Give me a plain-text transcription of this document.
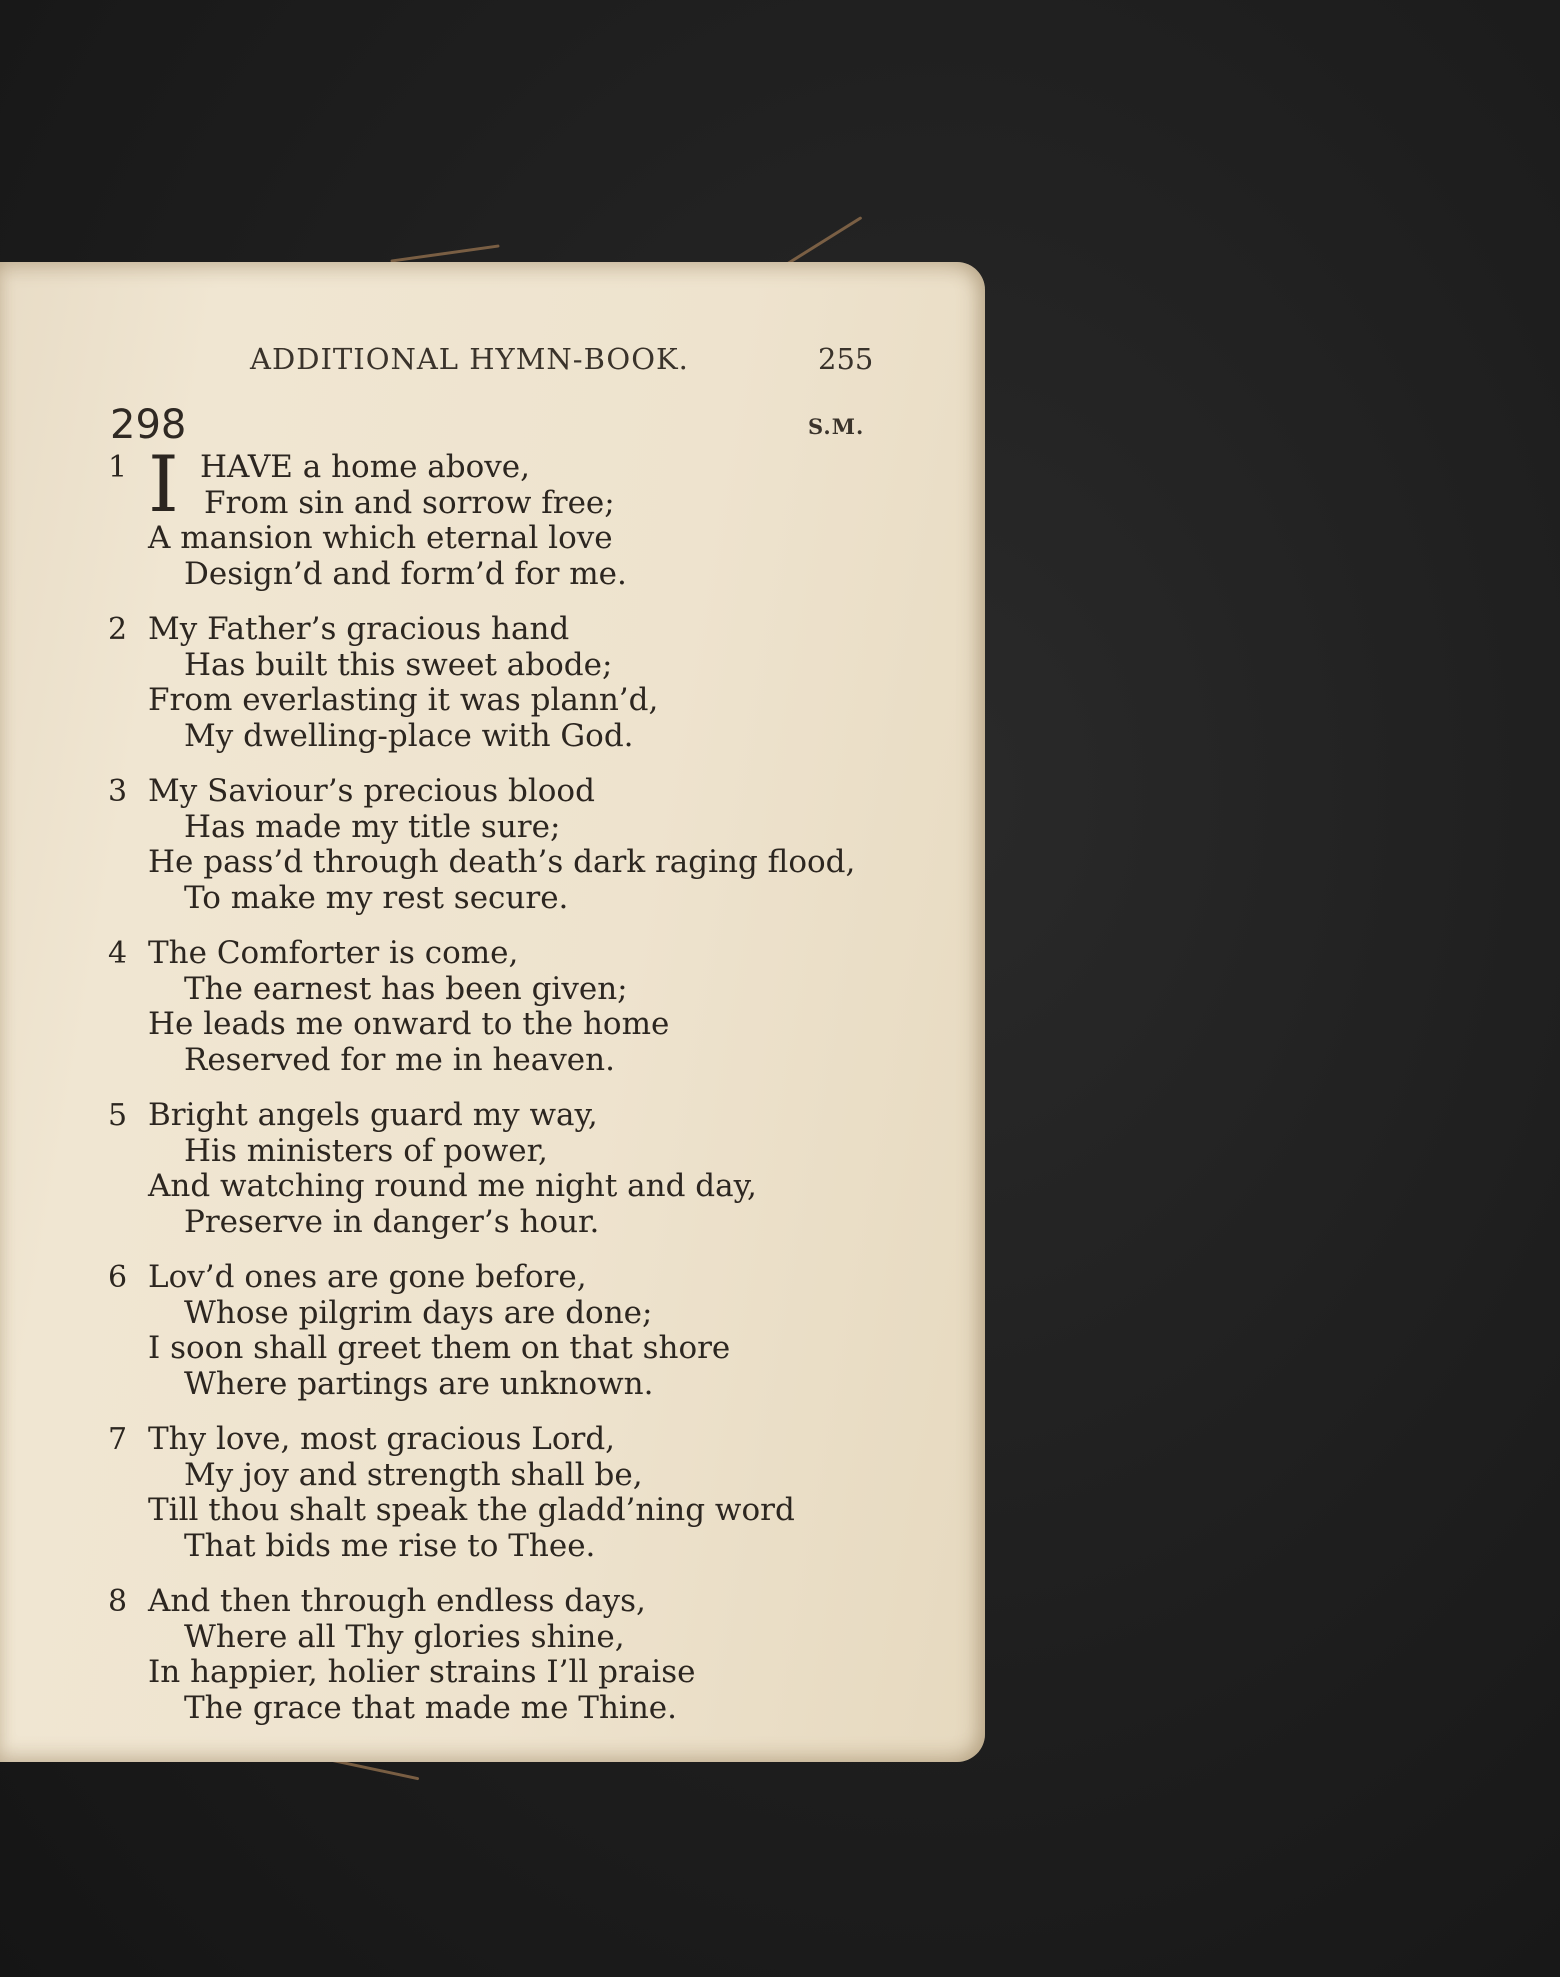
ADDITIONAL HYMN-BOOK.	255
298	S.M.
1 I HAVE a home above,
From sin and sorrow free;
A mansion which eternal love
Design’d and form’d for me.
2 My Father’s gracious hand
Has built this sweet abode;
From everlasting it was plann’d,
My dwelling-place with God.
3 My Saviour’s precious blood
Has made my title sure;
He pass’d through death’s dark raging flood,
To make my rest secure.
4 The Comforter is come,
The earnest has been given;
He leads me onward to the home
Reserved for me in heaven.
5 Bright angels guard my way,
His ministers of power,
And watching round me night and day,
Preserve in danger’s hour.
6 Lov’d ones are gone before,
Whose pilgrim days are done;
I soon shall greet them on that shore
Where partings are unknown.
7 Thy love, most gracious Lord,
My joy and strength shall be,
Till thou shalt speak the gladd’ning word
That bids me rise to Thee.
8 And then through endless days,
Where all Thy glories shine,
In happier, holier strains I’ll praise
The grace that made me Thine.
